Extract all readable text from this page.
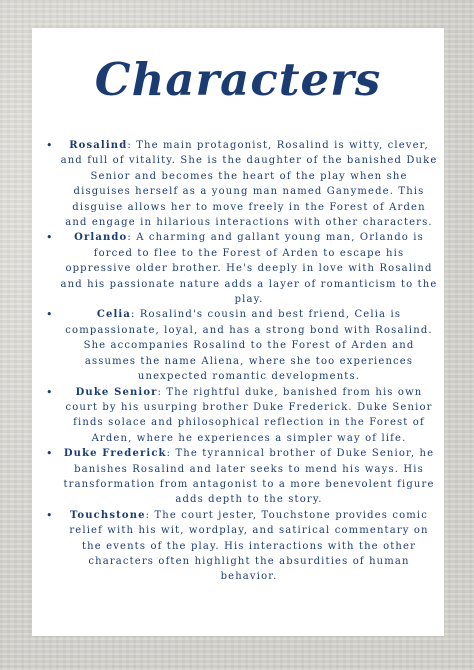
Characters
• Rosalind: The main protagonist, Rosalind is witty, clever, and full of vitality. She is the daughter of the banished Duke Senior and becomes the heart of the play when she disguises herself as a young man named Ganymede. This disguise allows her to move freely in the Forest of Arden and engage in hilarious interactions with other characters.
• Orlando: A charming and gallant young man, Orlando is forced to flee to the Forest of Arden to escape his oppressive older brother. He's deeply in love with Rosalind and his passionate nature adds a layer of romanticism to the play.
•	Celia: Rosalind's cousin and best friend, Celia is compassionate, loyal, and has a strong bond with Rosalind. She accompanies Rosalind to the Forest of Arden and assumes the name Aliena, where she too experiences unexpected romantic developments.
• Duke Senior: The rightful duke, banished from his own court by his usurping brother Duke Frederick. Duke Senior finds solace and philosophical reflection in the Forest of Arden, where he experiences a simpler way of life.
• Duke Frederick: The tyrannical brother of Duke Senior, he banishes Rosalind and later seeks to mend his ways. His transformation from antagonist to a more benevolent figure adds depth to the story.
• Touchstone: The court jester, Touchstone provides comic relief with his wit, wordplay, and satirical commentary on the events of the play. His interactions with the other characters often highlight the absurdities of human behavior.
